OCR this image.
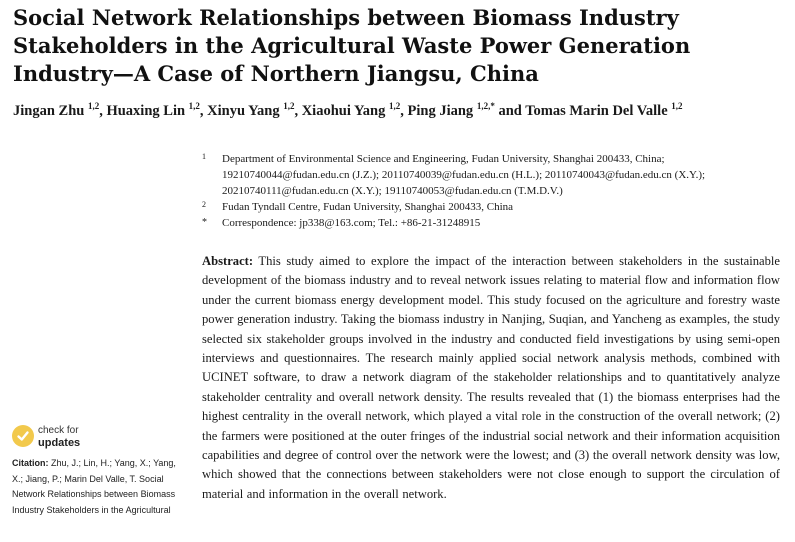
Social Network Relationships between Biomass Industry Stakeholders in the Agricultural Waste Power Generation Industry—A Case of Northern Jiangsu, China
Jingan Zhu $^{1,2}$, Huaxing Lin $^{1,2}$, Xinyu Yang $^{1,2}$, Xiaohui Yang $^{1,2}$, Ping Jiang $^{1,2,*}$ and Tomas Marin Del Valle $^{1,2}$
1 Department of Environmental Science and Engineering, Fudan University, Shanghai 200433, China; 19210740044@fudan.edu.cn (J.Z.); 20110740039@fudan.edu.cn (H.L.); 20110740043@fudan.edu.cn (X.Y.); 20210740111@fudan.edu.cn (X.Y.); 19110740053@fudan.edu.cn (T.M.D.V.)
2 Fudan Tyndall Centre, Fudan University, Shanghai 200433, China
* Correspondence: jp338@163.com; Tel.: +86-21-31248915

Abstract: This study aimed to explore the impact of the interaction between stakeholders in the sustainable development of the biomass industry and to reveal network issues relating to material flow and information flow under the current biomass energy development model. This study focused on the agriculture and forestry waste power generation industry. Taking the biomass industry in Nanjing, Suqian, and Yancheng as examples, the study selected six stakeholder groups involved in the industry and conducted field investigations by using semi-open interviews and questionnaires. The research mainly applied social network analysis methods, combined with UCINET software, to draw a network diagram of the stakeholder relationships and to quantitatively analyze stakeholder centrality and overall network density. The results revealed that (1) the biomass enterprises had the highest centrality in the overall network, which played a vital role in the construction of the overall network; (2) the farmers were positioned at the outer fringes of the industrial social network and their information acquisition capabilities and degree of control over the network were the lowest; and (3) the overall network density was low, which showed that the connections between stakeholders were not close enough to support the circulation of material and information in the overall network.

check for
updates

Citation: Zhu, J.; Lin, H.; Yang, X.; Yang, X.; Jiang, P.; Marin Del Valle, T. Social Network Relationships between Biomass Industry Stakeholders in the Agricultural
